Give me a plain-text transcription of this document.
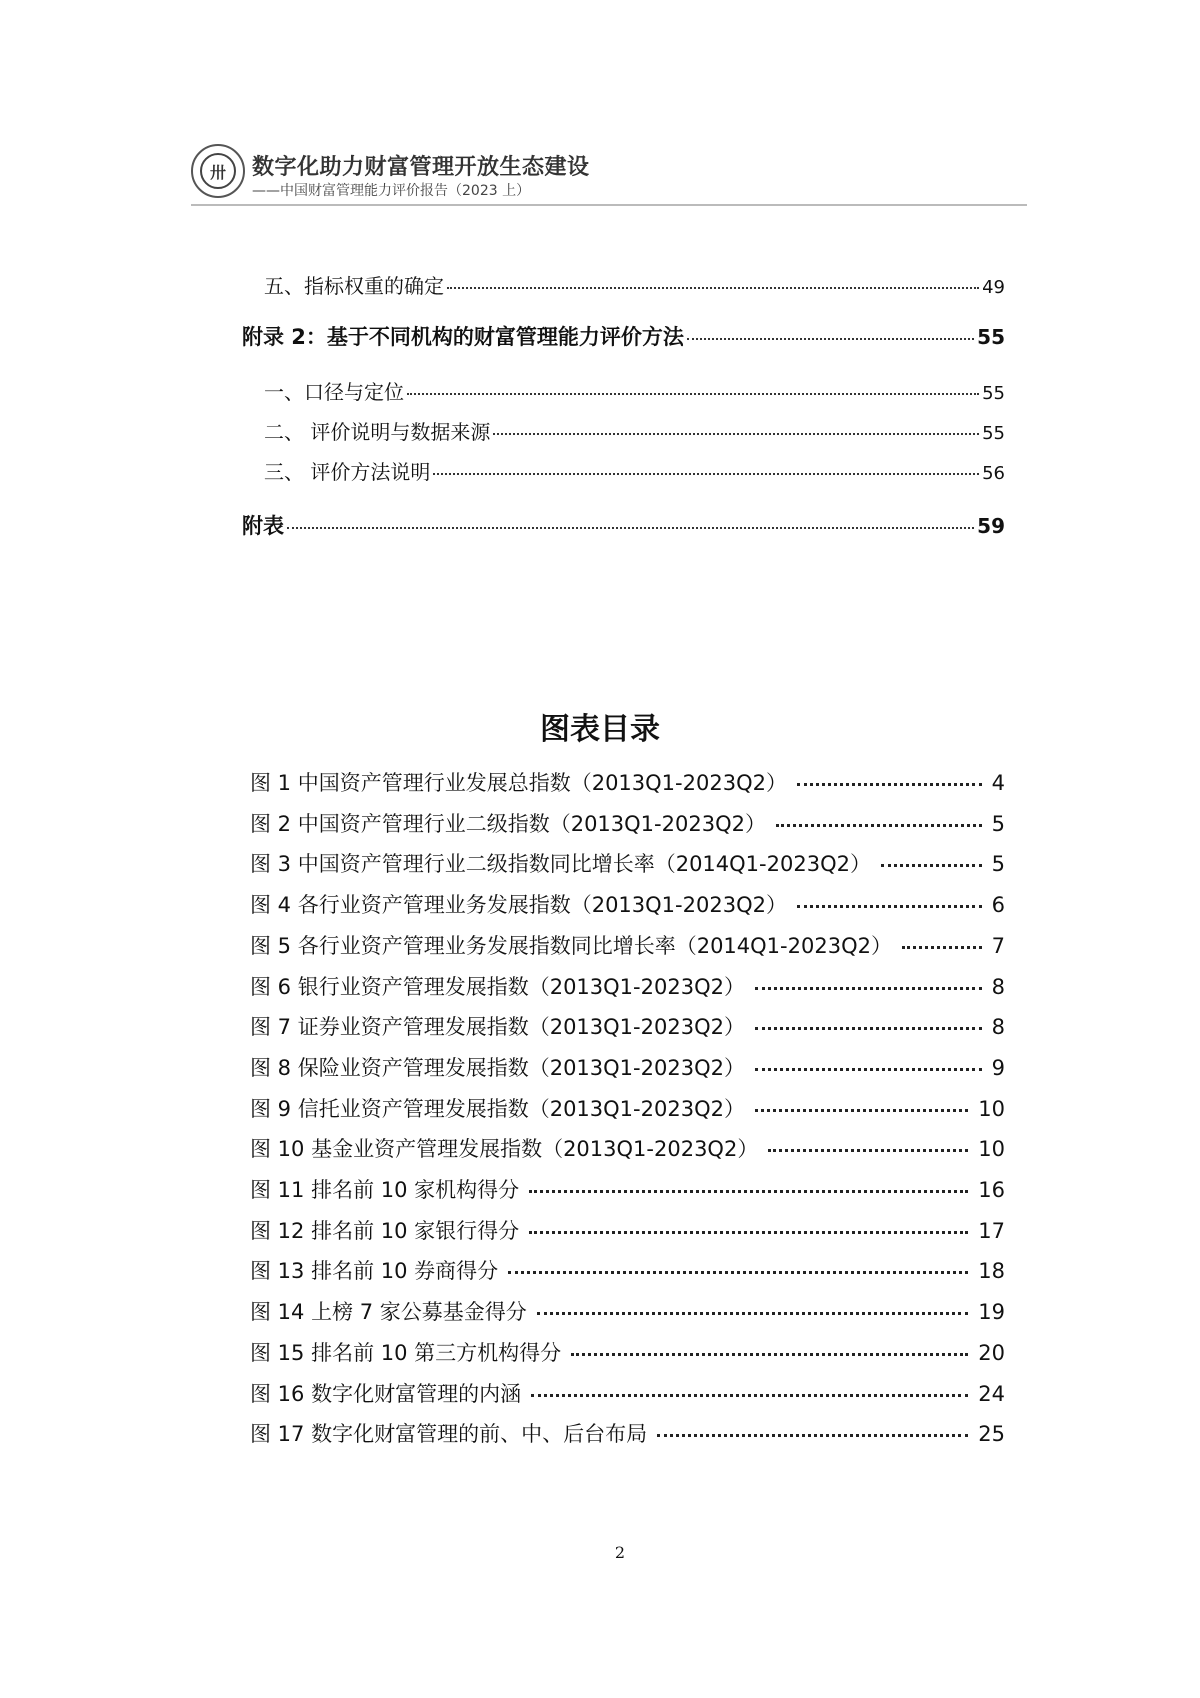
卅	数字化助力财富管理开放生态建设
——中国财富管理能力评价报告（2023 上）
五、指标权重的确定	49
附录 2：基于不同机构的财富管理能力评价方法	55
一、口径与定位	55
二、 评价说明与数据来源	55
三、 评价方法说明	56
附表	59
图表目录
图 1 中国资产管理行业发展总指数（2013Q1-2023Q2）	4
图 2 中国资产管理行业二级指数（2013Q1-2023Q2）	5
图 3 中国资产管理行业二级指数同比增长率（2014Q1-2023Q2）	5
图 4 各行业资产管理业务发展指数（2013Q1-2023Q2）	6
图 5 各行业资产管理业务发展指数同比增长率（2014Q1-2023Q2）	7
图 6 银行业资产管理发展指数（2013Q1-2023Q2）	8
图 7 证券业资产管理发展指数（2013Q1-2023Q2）	8
图 8 保险业资产管理发展指数（2013Q1-2023Q2）	9
图 9 信托业资产管理发展指数（2013Q1-2023Q2）	10
图 10 基金业资产管理发展指数（2013Q1-2023Q2）	10
图 11 排名前 10 家机构得分	16
图 12 排名前 10 家银行得分	17
图 13 排名前 10 券商得分	18
图 14 上榜 7 家公募基金得分	19
图 15 排名前 10 第三方机构得分	20
图 16 数字化财富管理的内涵	24
图 17 数字化财富管理的前、中、后台布局	25
2
